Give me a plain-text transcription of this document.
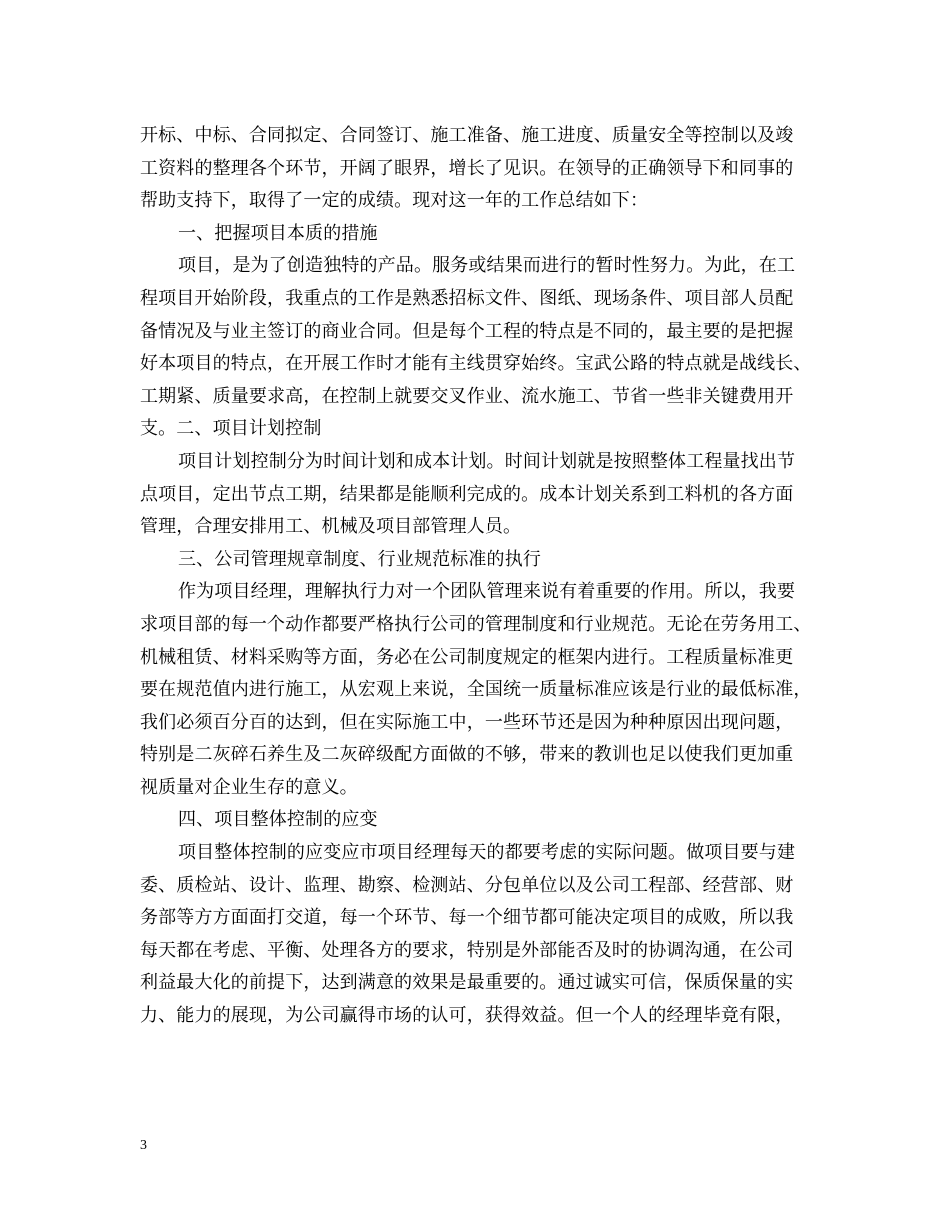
开标、中标、合同拟定、合同签订、施工准备、施工进度、质量安全等控制以及竣
工资料的整理各个环节，开阔了眼界，增长了见识。在领导的正确领导下和同事的
帮助支持下，取得了一定的成绩。现对这一年的工作总结如下：
一、把握项目本质的措施
项目，是为了创造独特的产品。服务或结果而进行的暂时性努力。为此，在工
程项目开始阶段，我重点的工作是熟悉招标文件、图纸、现场条件、项目部人员配
备情况及与业主签订的商业合同。但是每个工程的特点是不同的，最主要的是把握
好本项目的特点，在开展工作时才能有主线贯穿始终。宝武公路的特点就是战线长、
工期紧、质量要求高，在控制上就要交叉作业、流水施工、节省一些非关键费用开
支。二、项目计划控制
项目计划控制分为时间计划和成本计划。时间计划就是按照整体工程量找出节
点项目，定出节点工期，结果都是能顺利完成的。成本计划关系到工料机的各方面
管理，合理安排用工、机械及项目部管理人员。
三、公司管理规章制度、行业规范标准的执行
作为项目经理，理解执行力对一个团队管理来说有着重要的作用。所以，我要
求项目部的每一个动作都要严格执行公司的管理制度和行业规范。无论在劳务用工、
机械租赁、材料采购等方面，务必在公司制度规定的框架内进行。工程质量标准更
要在规范值内进行施工，从宏观上来说，全国统一质量标准应该是行业的最低标准，
我们必须百分百的达到，但在实际施工中，一些环节还是因为种种原因出现问题，
特别是二灰碎石养生及二灰碎级配方面做的不够，带来的教训也足以使我们更加重
视质量对企业生存的意义。
四、项目整体控制的应变
项目整体控制的应变应市项目经理每天的都要考虑的实际问题。做项目要与建
委、质检站、设计、监理、勘察、检测站、分包单位以及公司工程部、经营部、财
务部等方方面面打交道，每一个环节、每一个细节都可能决定项目的成败，所以我
每天都在考虑、平衡、处理各方的要求，特别是外部能否及时的协调沟通，在公司
利益最大化的前提下，达到满意的效果是最重要的。通过诚实可信，保质保量的实
力、能力的展现，为公司赢得市场的认可，获得效益。但一个人的经理毕竟有限，
3
